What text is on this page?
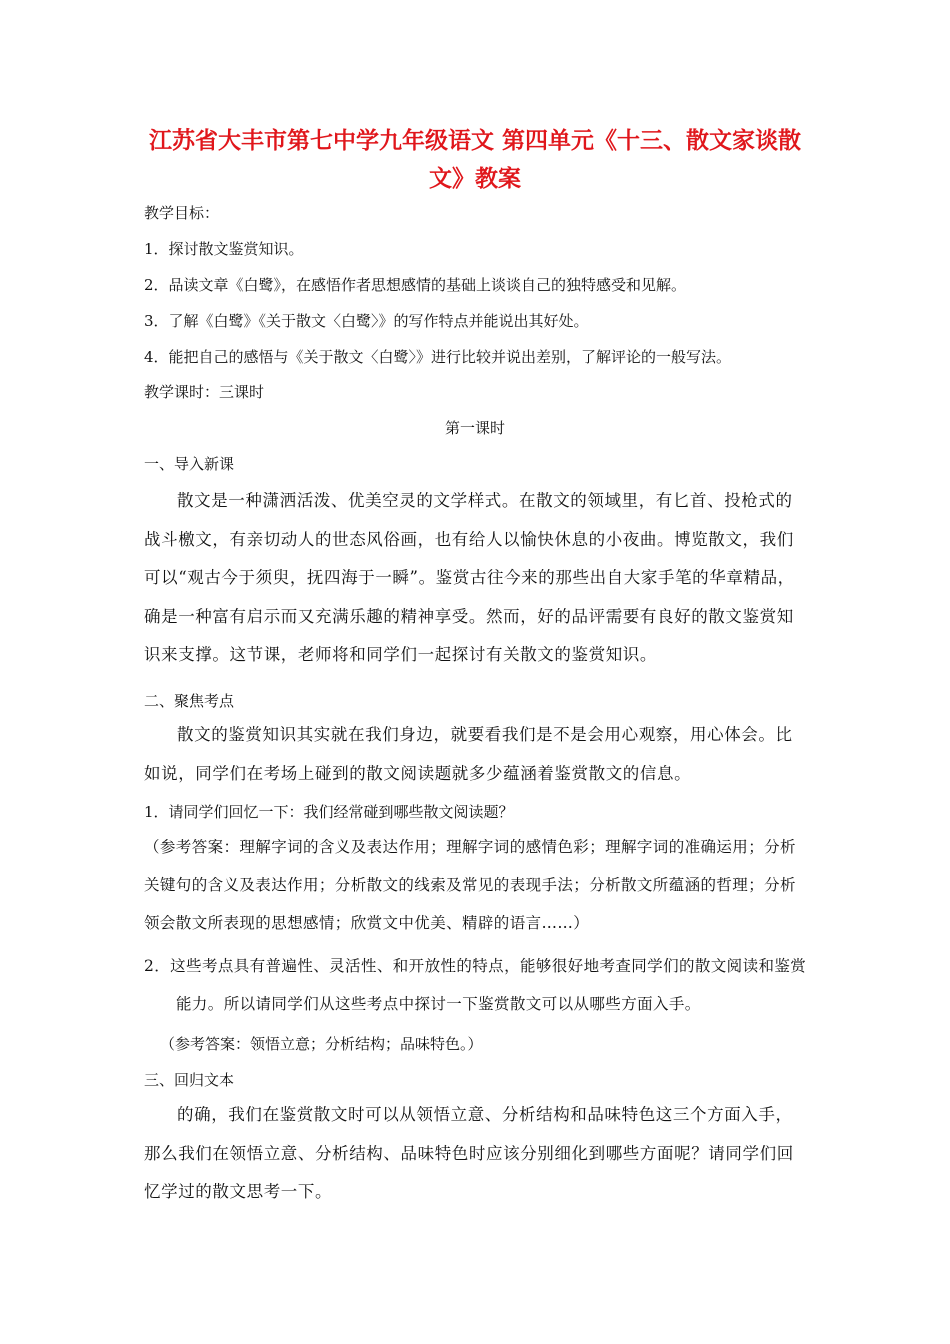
江苏省大丰市第七中学九年级语文 第四单元《十三、散文家谈散
文》教案
教学目标：
1．探讨散文鉴赏知识。
2．品读文章《白鹭》，在感悟作者思想感情的基础上谈谈自己的独特感受和见解。
3．了解《白鹭》《关于散文〈白鹭〉》的写作特点并能说出其好处。
4．能把自己的感悟与《关于散文〈白鹭〉》进行比较并说出差别，了解评论的一般写法。
教学课时：三课时
第一课时
一、导入新课
散文是一种潇洒活泼、优美空灵的文学样式。在散文的领域里，有匕首、投枪式的战斗檄文，有亲切动人的世态风俗画，也有给人以愉快休息的小夜曲。博览散文，我们可以“观古今于须臾，抚四海于一瞬”。鉴赏古往今来的那些出自大家手笔的华章精品，确是一种富有启示而又充满乐趣的精神享受。然而，好的品评需要有良好的散文鉴赏知识来支撑。这节课，老师将和同学们一起探讨有关散文的鉴赏知识。
二、聚焦考点
散文的鉴赏知识其实就在我们身边，就要看我们是不是会用心观察，用心体会。比如说，同学们在考场上碰到的散文阅读题就多少蕴涵着鉴赏散文的信息。
1．请同学们回忆一下：我们经常碰到哪些散文阅读题？
（参考答案：理解字词的含义及表达作用；理解字词的感情色彩；理解字词的准确运用；分析关键句的含义及表达作用；分析散文的线索及常见的表现手法；分析散文所蕴涵的哲理；分析领会散文所表现的思想感情；欣赏文中优美、精辟的语言……）
2．这些考点具有普遍性、灵活性、和开放性的特点，能够很好地考查同学们的散文阅读和鉴赏能力。所以请同学们从这些考点中探讨一下鉴赏散文可以从哪些方面入手。
（参考答案：领悟立意；分析结构；品味特色。）
三、回归文本
的确，我们在鉴赏散文时可以从领悟立意、分析结构和品味特色这三个方面入手，那么我们在领悟立意、分析结构、品味特色时应该分别细化到哪些方面呢？请同学们回忆学过的散文思考一下。
